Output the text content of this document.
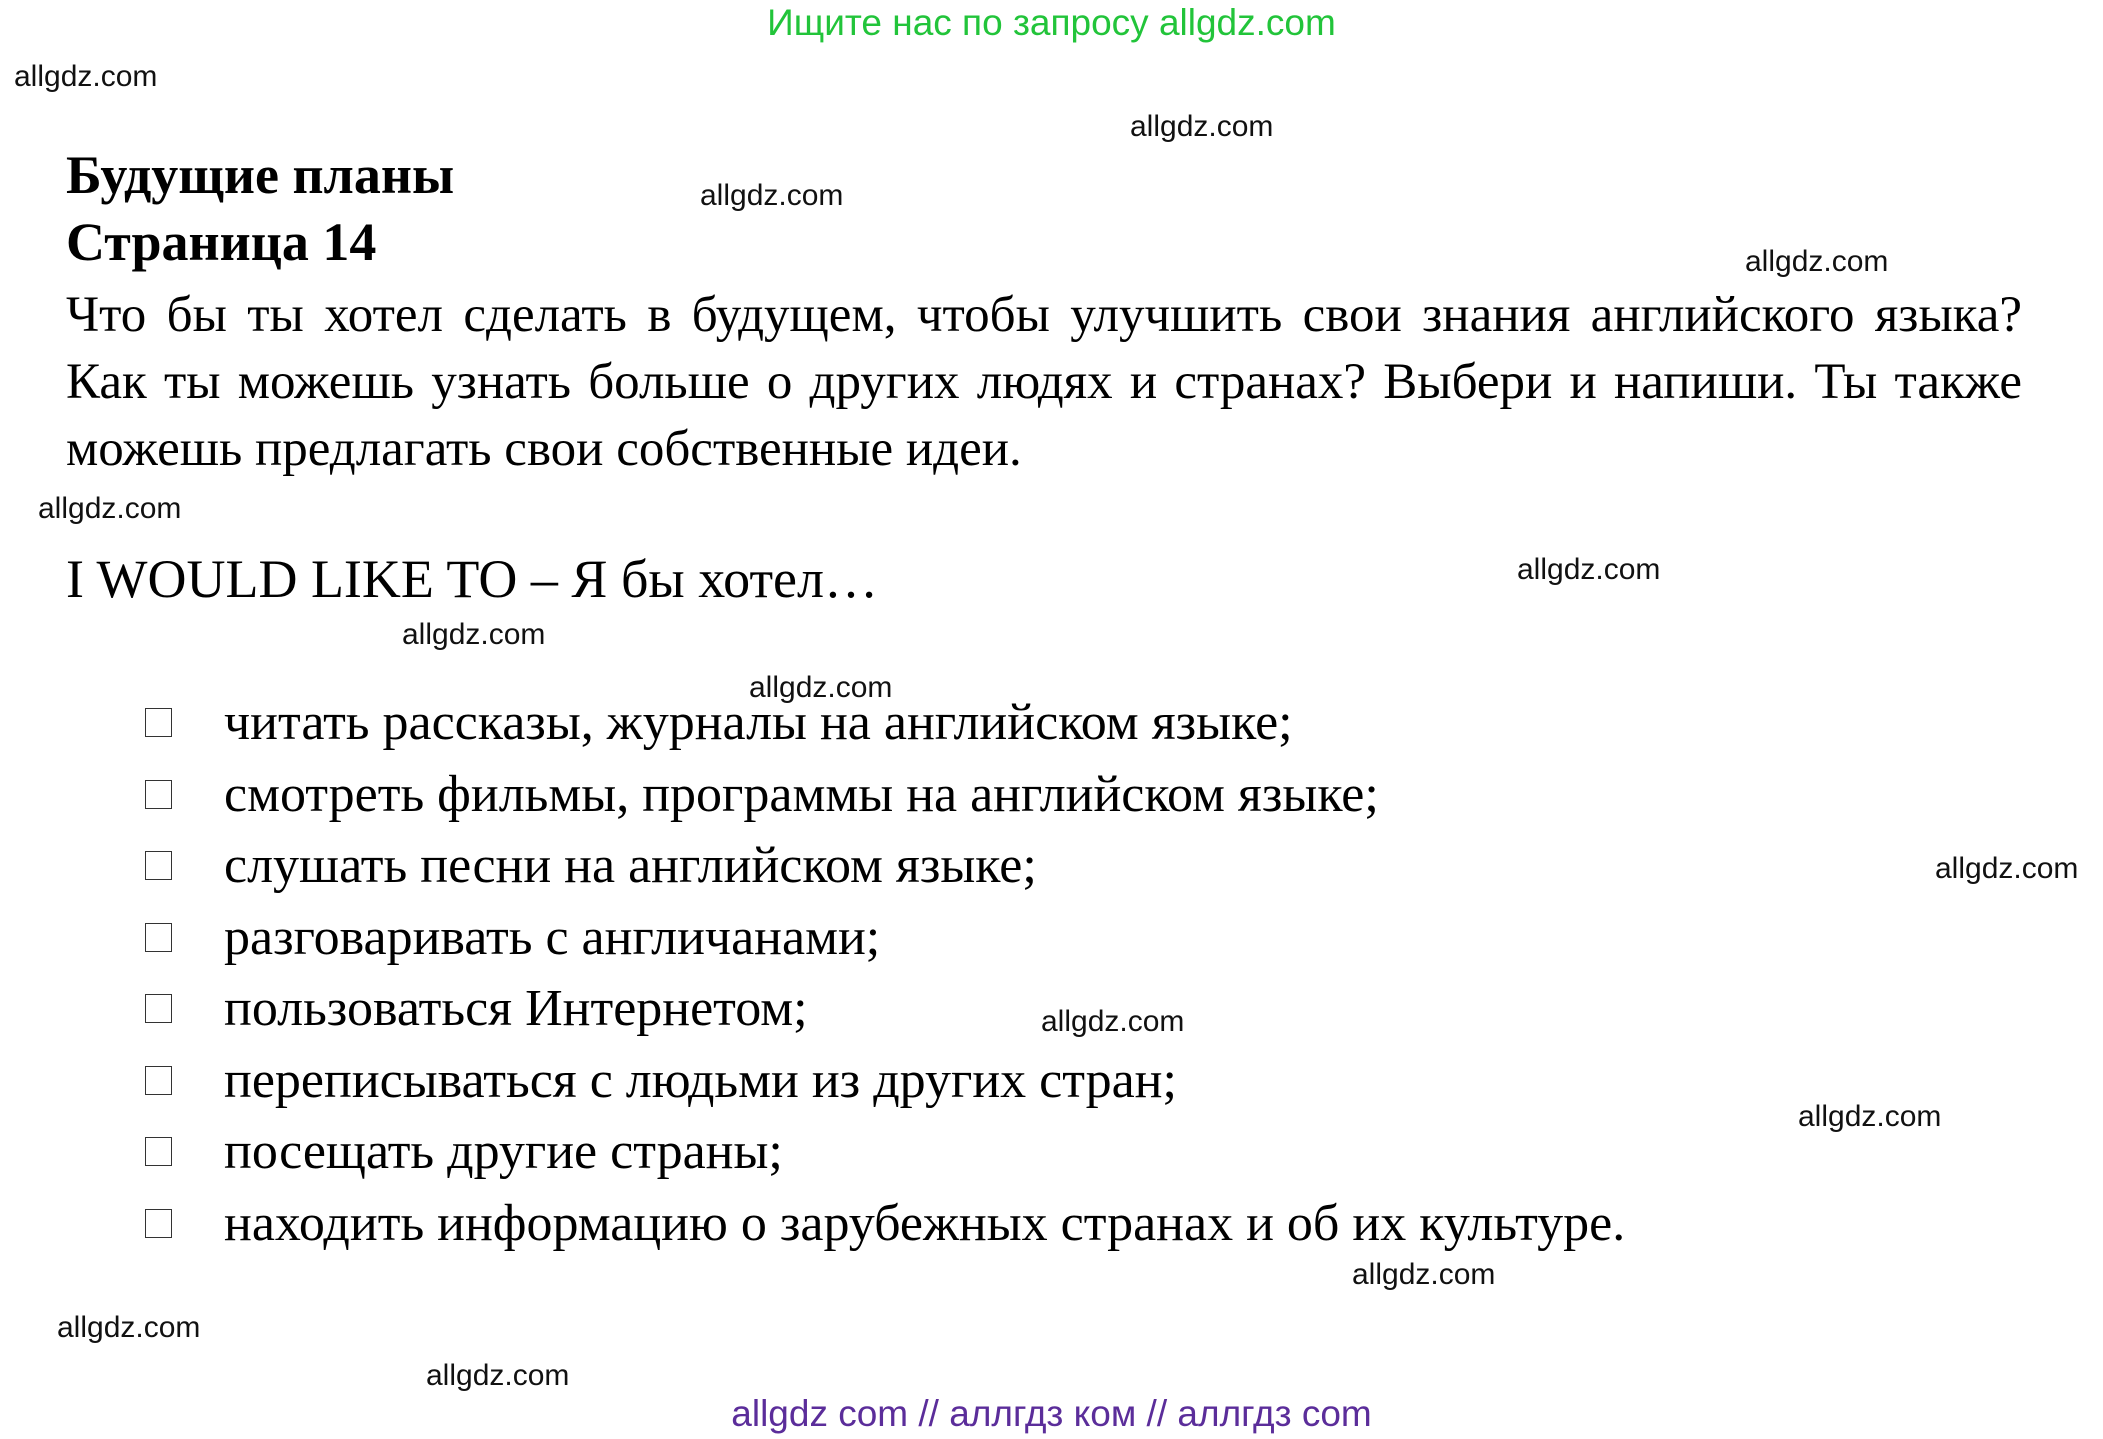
Ищите нас по запросу allgdz.com
allgdz.com
allgdz.com
allgdz.com
allgdz.com
allgdz.com
allgdz.com
allgdz.com
allgdz.com
allgdz.com
allgdz.com
allgdz.com
allgdz.com
allgdz.com
allgdz.com
Будущие планы
Страница 14

Что бы ты хотел сделать в будущем, чтобы улучшить свои знания английского языка? Как ты можешь узнать больше о других людях и странах? Выбери и напиши. Ты также можешь предлагать свои собственные идеи.

I WOULD LIKE TO – Я бы хотел…
читать рассказы, журналы на английском языке;
смотреть фильмы, программы на английском языке;
слушать песни на английском языке;
разговаривать с англичанами;
пользоваться Интернетом;
переписываться с людьми из других стран;
посещать другие страны;
находить информацию о зарубежных странах и об их культуре.
allgdz com // аллгдз ком // аллгдз com
